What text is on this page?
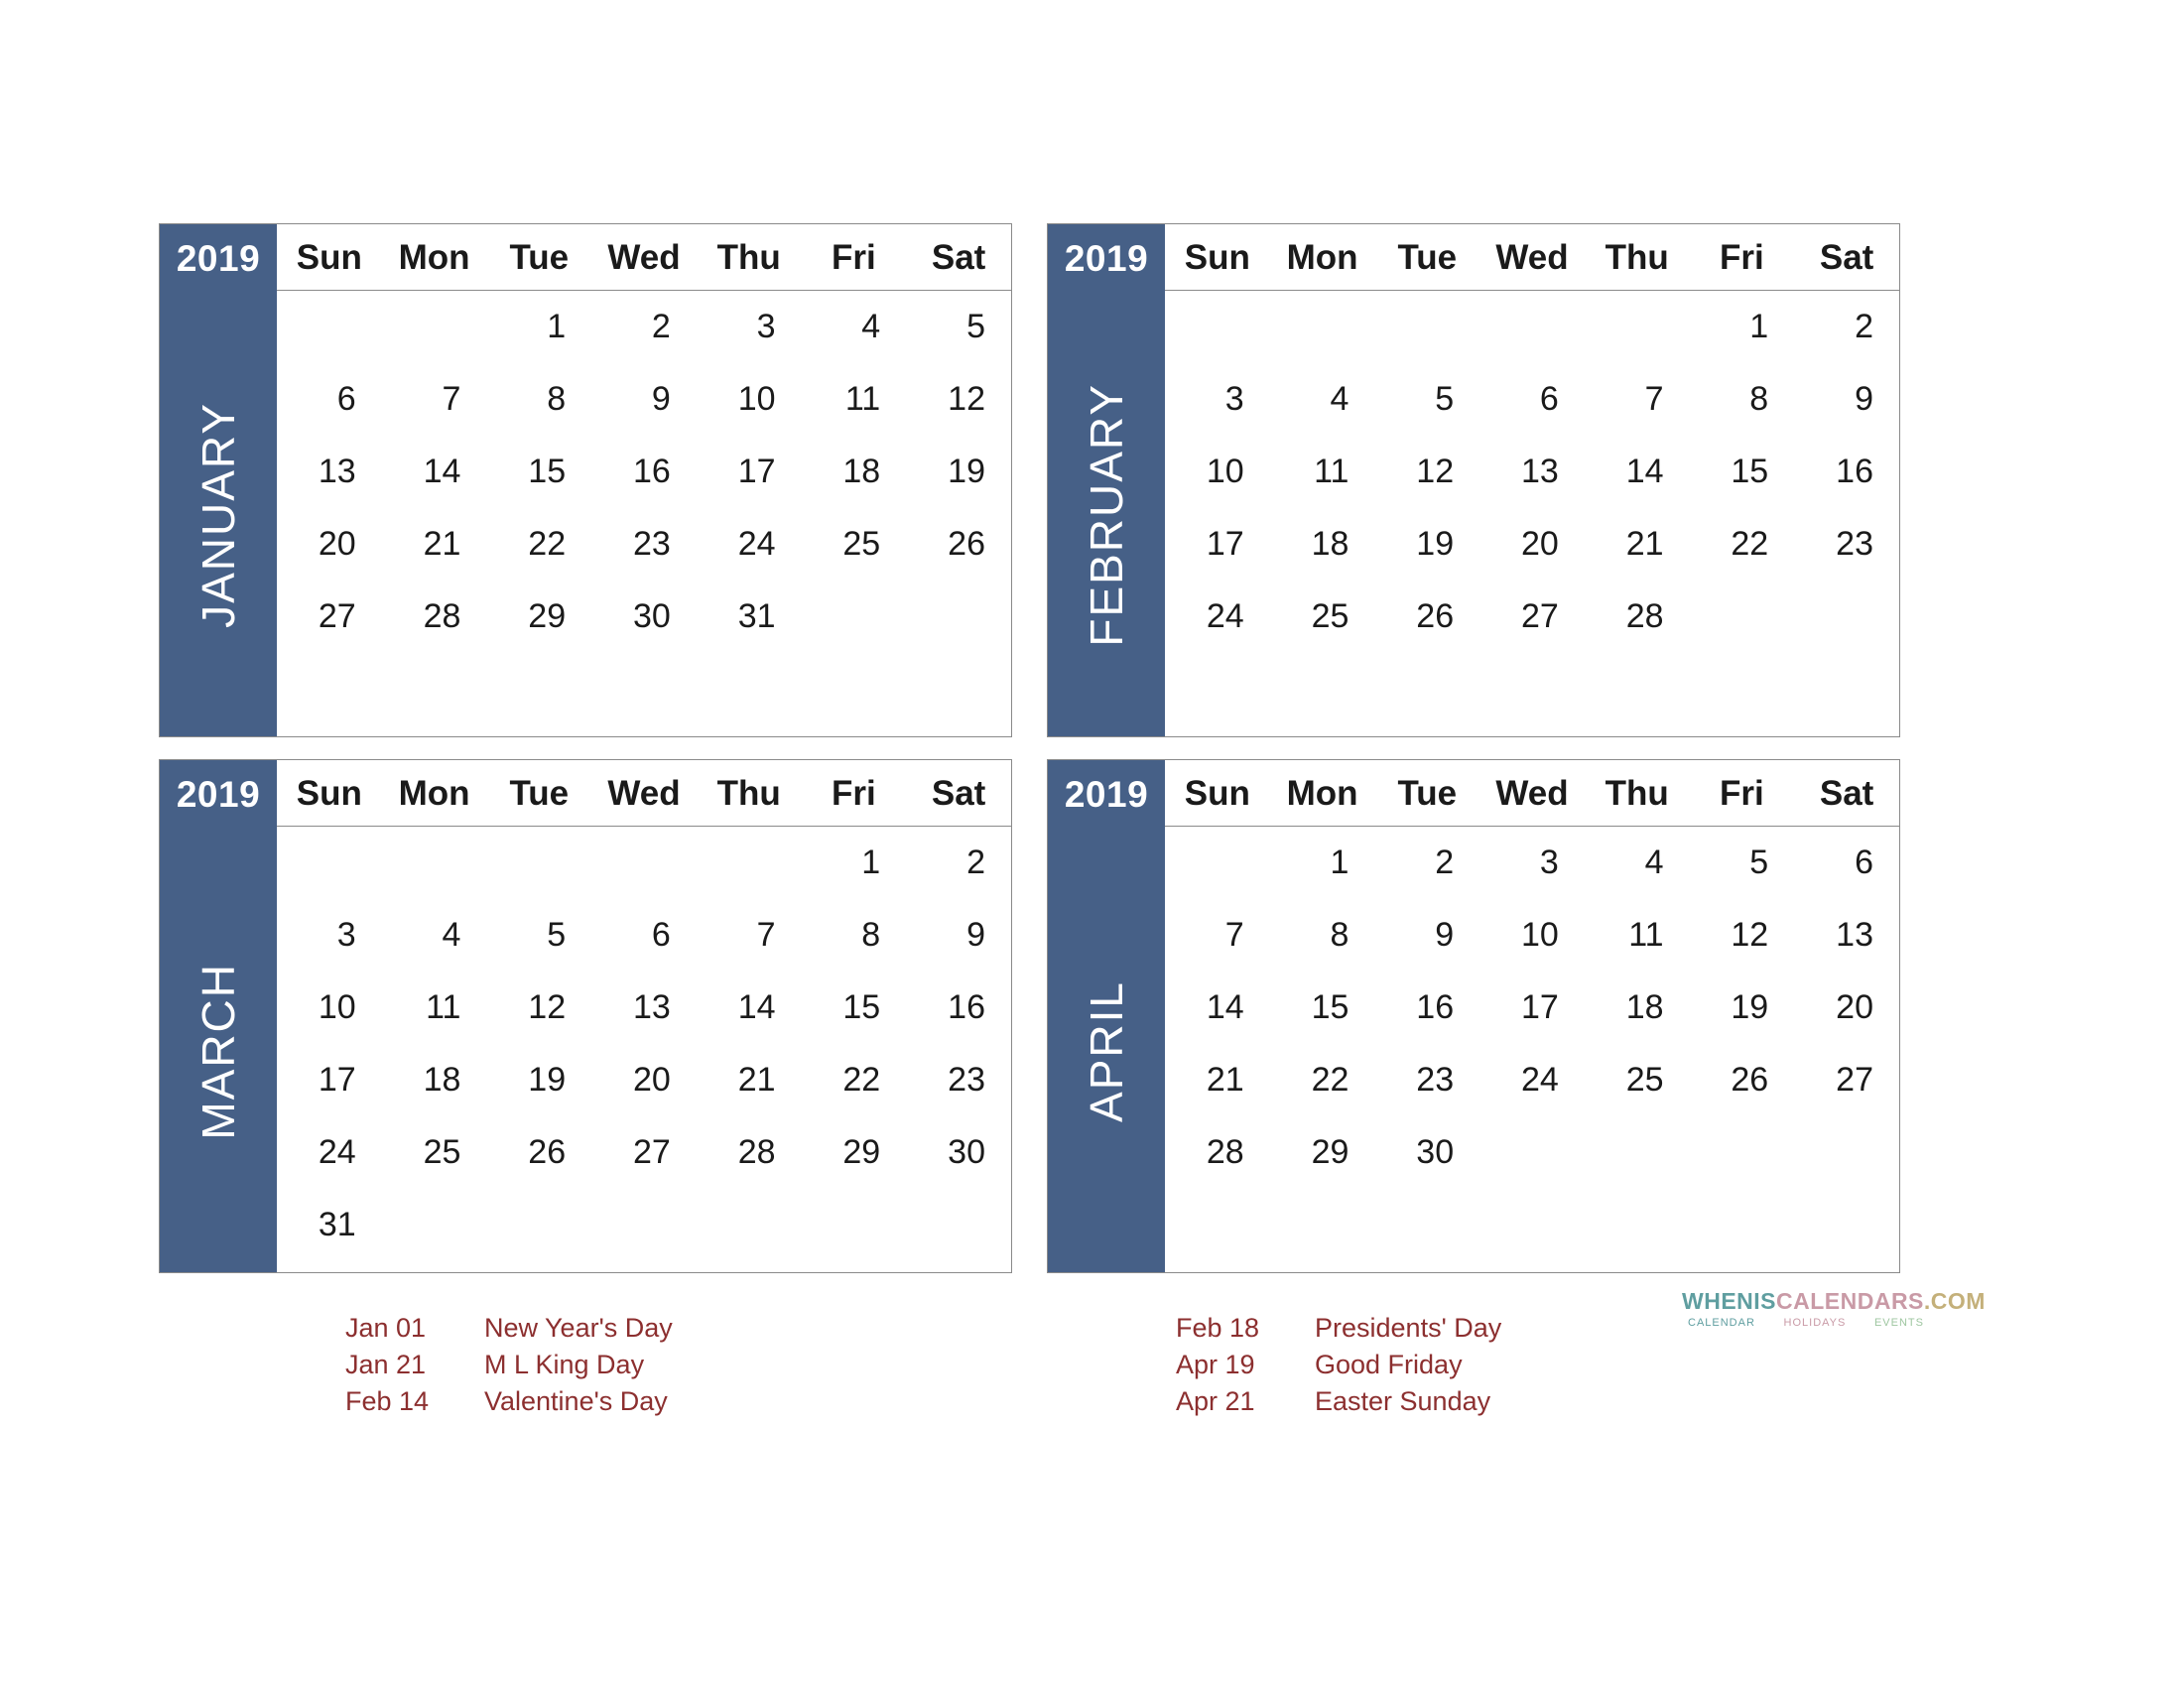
2019
JANUARY
Sun	Mon	Tue	Wed	Thu	Fri	Sat
		1	2	3	4	5
6	7	8	9	10	11	12
13	14	15	16	17	18	19
20	21	22	23	24	25	26
27	28	29	30	31		

2019
FEBRUARY
Sun	Mon	Tue	Wed	Thu	Fri	Sat
					1	2
3	4	5	6	7	8	9
10	11	12	13	14	15	16
17	18	19	20	21	22	23
24	25	26	27	28		

2019
MARCH
Sun	Mon	Tue	Wed	Thu	Fri	Sat
					1	2
3	4	5	6	7	8	9
10	11	12	13	14	15	16
17	18	19	20	21	22	23
24	25	26	27	28	29	30
31						
2019
APRIL
Sun	Mon	Tue	Wed	Thu	Fri	Sat
	1	2	3	4	5	6
7	8	9	10	11	12	13
14	15	16	17	18	19	20
21	22	23	24	25	26	27
28	29	30				

Jan 01	New Year's Day
Jan 21	M L King Day
Feb 14	Valentine's Day
Feb 18	Presidents' Day
Apr 19	Good Friday
Apr 21	Easter Sunday
WHENISCALENDARS.COM
CALENDAR	HOLIDAYS	EVENTS
